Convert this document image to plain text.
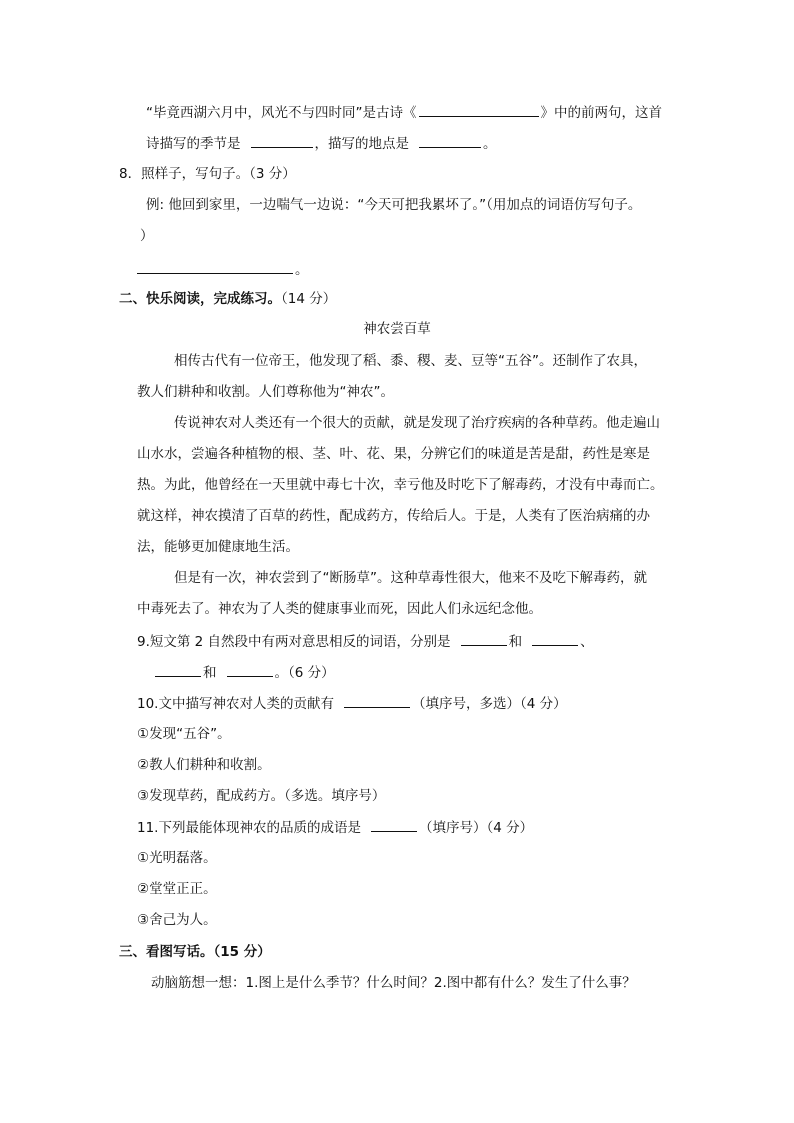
“毕竟西湖六月中，风光不与四时同”是古诗《	》中的前两句，这首
诗描写的季节是	，描写的地点是	。
8．照样子，写句子。（3 分）
例: 他回到家里，一边喘气一边说：“今天可把我累坏了。”（用加点的词语仿写句子。
）
。
二、快乐阅读，完成练习。（14 分）
神农尝百草
相传古代有一位帝王，他发现了稻、黍、稷、麦、豆等“五谷”。还制作了农具，
教人们耕种和收割。人们尊称他为“神农”。
传说神农对人类还有一个很大的贡献，就是发现了治疗疾病的各种草药。他走遍山
山水水，尝遍各种植物的根、茎、叶、花、果，分辨它们的味道是苦是甜，药性是寒是
热。为此，他曾经在一天里就中毒七十次，幸亏他及时吃下了解毒药，才没有中毒而亡。
就这样，神农摸清了百草的药性，配成药方，传给后人。于是，人类有了医治病痛的办
法，能够更加健康地生活。
但是有一次，神农尝到了“断肠草”。这种草毒性很大，他来不及吃下解毒药，就
中毒死去了。神农为了人类的健康事业而死，因此人们永远纪念他。
9.短文第 2 自然段中有两对意思相反的词语，分别是	和	、
和	。（6 分）
10.文中描写神农对人类的贡献有	（填序号，多选）（4 分）
①发现“五谷”。
②教人们耕种和收割。
③发现草药，配成药方。（多选。填序号）
11.下列最能体现神农的品质的成语是	（填序号）（4 分）
①光明磊落。
②堂堂正正。
③舍己为人。
三、看图写话。（15 分）
动脑筋想一想：1.图上是什么季节？什么时间？2.图中都有什么？发生了什么事？
